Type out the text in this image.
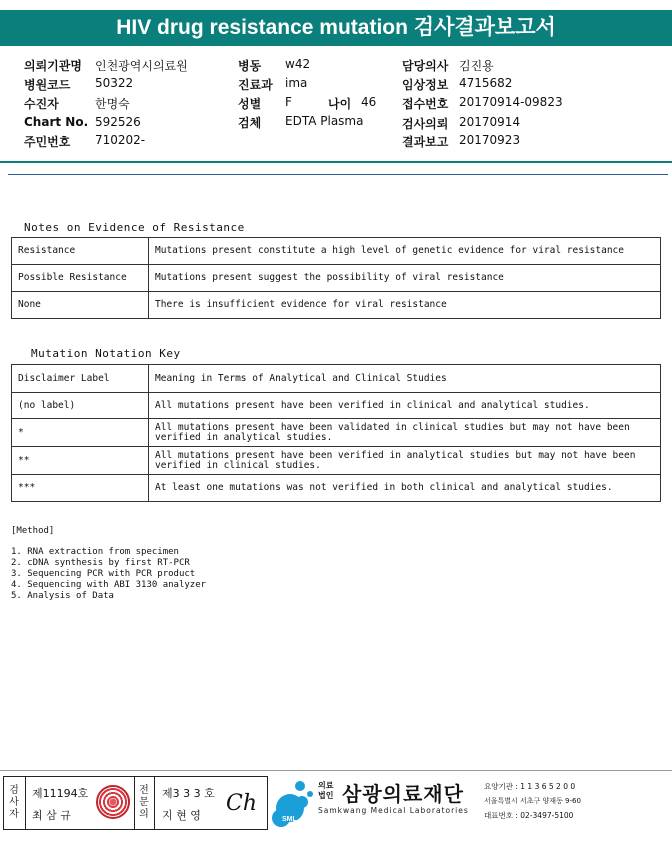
HIV drug resistance mutation 검사결과보고서
의뢰기관명 인천광역시의료원
병원코드 50322
수진자	한명숙
Chart No. 592526
주민번호 710202-
병동 w42
진료과 ima
성별 F	나이 46
검체 EDTA Plasma
담당의사 김진용
임상정보 4715682
접수번호 20170914-09823
검사의뢰 20170914
결과보고 20170923
Notes on Evidence of Resistance
Resistance	Mutations present constitute a high level of genetic evidence for viral resistance
Possible Resistance	Mutations present suggest the possibility of viral resistance
None	There is insufficient evidence for viral resistance
Mutation Notation Key
Disclaimer Label	Meaning in Terms of Analytical and Clinical Studies
(no label)	All mutations present have been verified in clinical and analytical studies.
*	All mutations present have been validated in clinical studies but may not have been verified in analytical studies.
**	All mutations present have been verified in analytical studies but may not have been verified in clinical studies.
***	At least one mutations was not verified in both clinical and analytical studies.
[Method]
1. RNA extraction from specimen
2. cDNA synthesis by first RT-PCR
3. Sequencing PCR with PCR product
4. Sequencing with ABI 3130 analyzer
5. Analysis of Data
검
사
자
제11194호
최 삼 규
전
문
의
제3 3 3 호
지 현 영 Ch
SML
의료
법인 삼광의료재단
Samkwang Medical Laboratories
요양기관 : 1 1 3 6 5 2 0 0
서울특별시 서초구 양재동 9-60
대표번호 : 02-3497-5100
